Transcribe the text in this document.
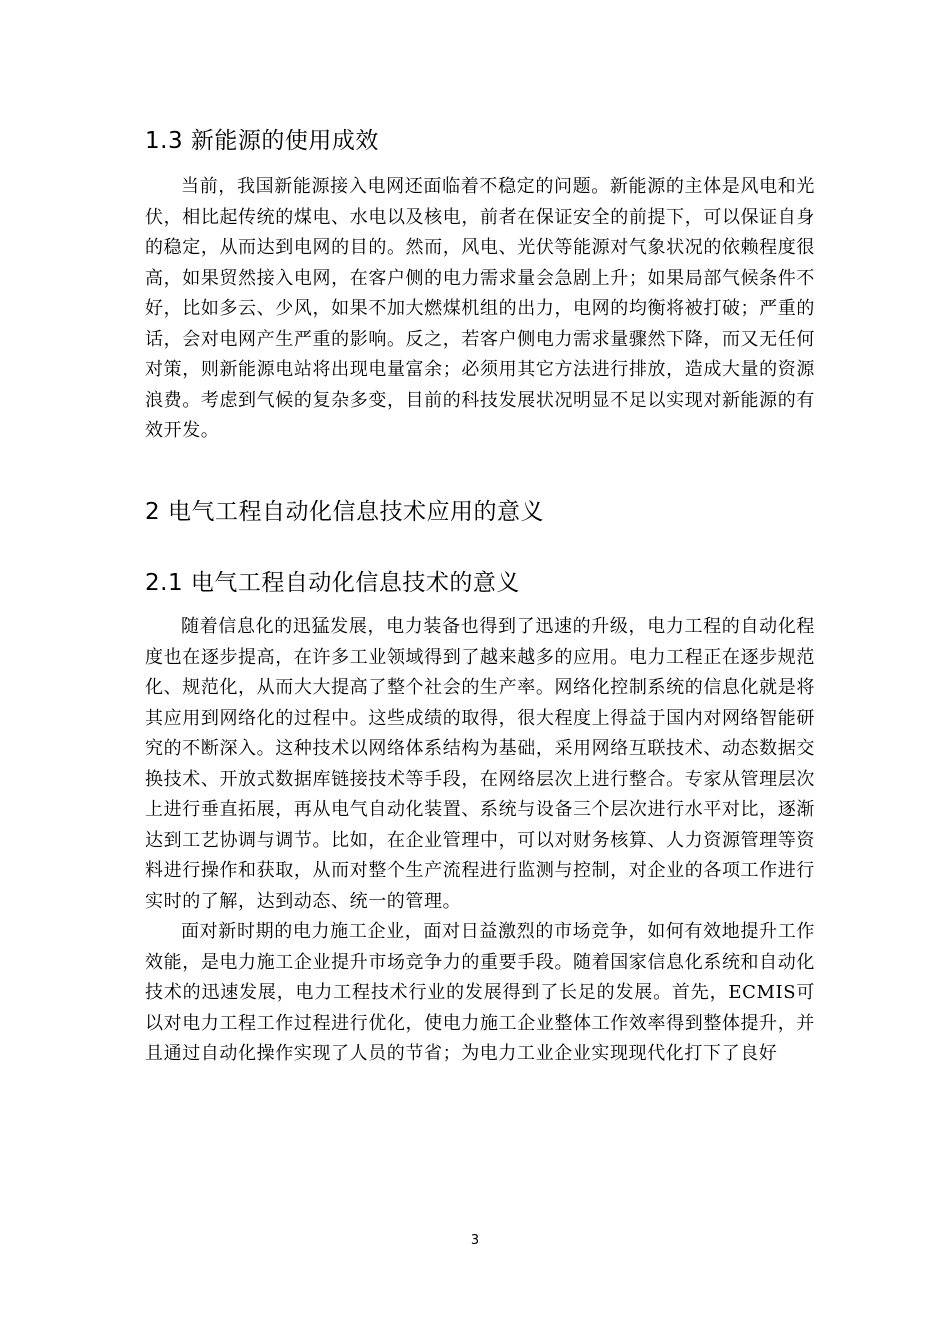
1.3 新能源的使用成效

当前，我国新能源接入电网还面临着不稳定的问题。新能源的主体是风电和光伏，相比起传统的煤电、水电以及核电，前者在保证安全的前提下，可以保证自身的稳定，从而达到电网的目的。然而，风电、光伏等能源对气象状况的依赖程度很高，如果贸然接入电网，在客户侧的电力需求量会急剧上升；如果局部气候条件不好，比如多云、少风，如果不加大燃煤机组的出力，电网的均衡将被打破；严重的话，会对电网产生严重的影响。反之，若客户侧电力需求量骤然下降，而又无任何对策，则新能源电站将出现电量富余；必须用其它方法进行排放，造成大量的资源浪费。考虑到气候的复杂多变，目前的科技发展状况明显不足以实现对新能源的有效开发。

2 电气工程自动化信息技术应用的意义
2.1 电气工程自动化信息技术的意义

随着信息化的迅猛发展，电力装备也得到了迅速的升级，电力工程的自动化程度也在逐步提高，在许多工业领域得到了越来越多的应用。电力工程正在逐步规范化、规范化，从而大大提高了整个社会的生产率。网络化控制系统的信息化就是将其应用到网络化的过程中。这些成绩的取得，很大程度上得益于国内对网络智能研究的不断深入。这种技术以网络体系结构为基础，采用网络互联技术、动态数据交换技术、开放式数据库链接技术等手段，在网络层次上进行整合。专家从管理层次上进行垂直拓展，再从电气自动化装置、系统与设备三个层次进行水平对比，逐渐达到工艺协调与调节。比如，在企业管理中，可以对财务核算、人力资源管理等资料进行操作和获取，从而对整个生产流程进行监测与控制，对企业的各项工作进行实时的了解，达到动态、统一的管理。

面对新时期的电力施工企业，面对日益激烈的市场竞争，如何有效地提升工作效能，是电力施工企业提升市场竞争力的重要手段。随着国家信息化系统和自动化技术的迅速发展，电力工程技术行业的发展得到了长足的发展。首先，ECMIS可以对电力工程工作过程进行优化，使电力施工企业整体工作效率得到整体提升，并且通过自动化操作实现了人员的节省；为电力工业企业实现现代化打下了良好

3
